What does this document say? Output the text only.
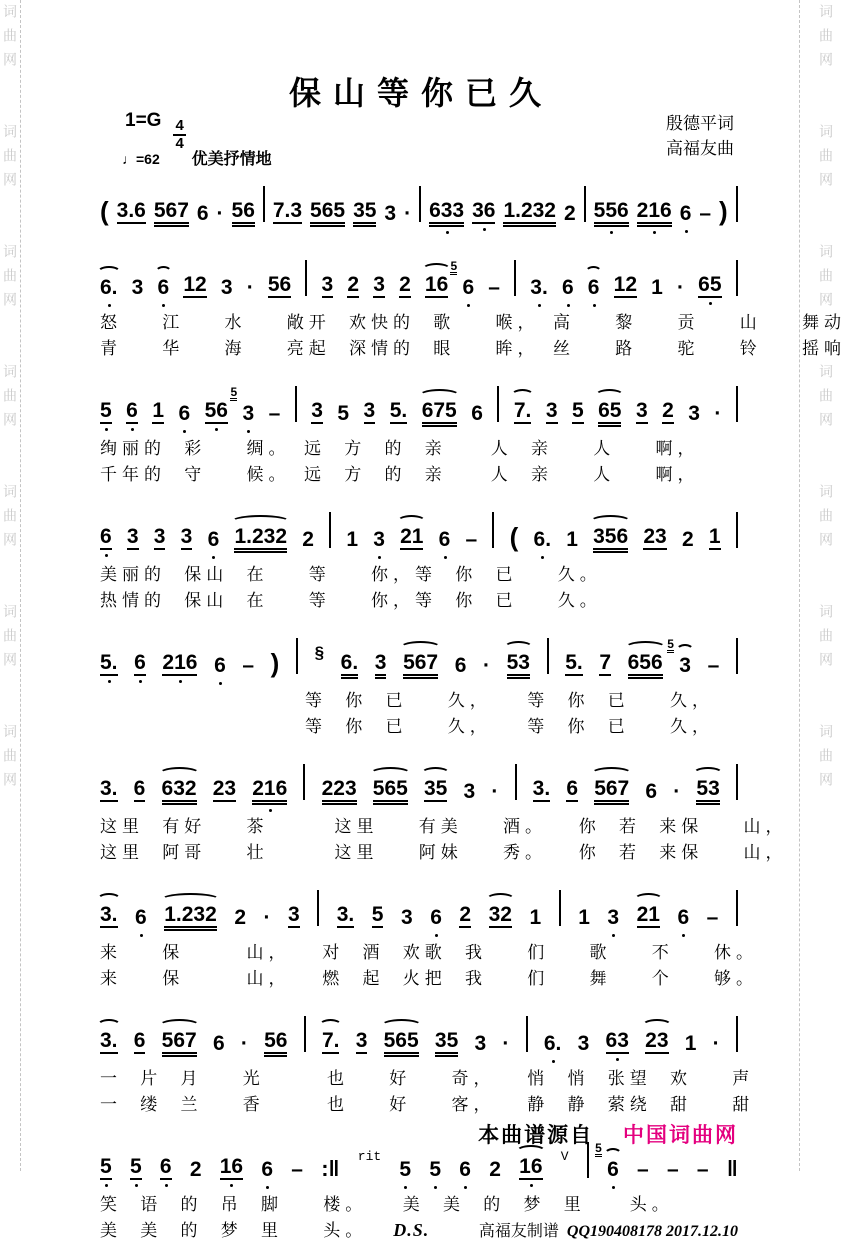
词曲网　　词曲网　　词曲网　　词曲网　　词曲网　　词曲网　　词曲网	词曲网　　词曲网　　词曲网　　词曲网　　词曲网　　词曲网　　词曲网
保山等你已久
$1=G \frac{4}{4}$
♩=62 优美抒情地
殷德平词
高福友曲
( 3.6 567 6 · 56 7.3 565 35 3 · 633 36 1.232 2 556 216 6 – )
6. 3 6 12 3 · 56 3 2 3 2 16 6
5
– 3. 6 6 12 1 · 65
怒　 江　 水　 敞开 欢快的 歌　 喉，　高　 黎　 贡　 山　 舞动
青　 华　 海　 亮起 深情的 眼　 眸，　丝　 路　 驼　 铃　 摇响
5 6 1 6 56 3
5
– 3 5 3 5. 675 6 7. 3 5 65 3 2 3 ·
绚丽的 彩　 绸。　远 方 的 亲　　人 亲　 人　 啊，
千年的 守　 候。　远 方 的 亲　　人 亲　 人　 啊，
6 3 3 3 6 1.232 2 1 3 21 6 – ( 6. 1 356 23 2 1
美丽的 保山 在　 等　 你，等 你 已　 久。
热情的 保山 在　 等　 你，等 你 已　 久。
5. 6 216 6 – ) § 6. 3 567 6 · 53 5. 7 656 3
5
–
等 你 已　 久，　　等 你 已　 久，
等 你 已　 久，　　等 你 已　 久，
3. 6 632 23 216 223 565 35 3 · 3. 6 567 6 · 53
这里 有好　 茶　　　这里　 有美　 酒。　 你 若 来保　 山，
这里 阿哥　 壮　　　这里　 阿妹　 秀。　 你 若 来保　 山，
3. 6 1.232 2 · 3 3. 5 3 6 2 32 1 1 3 21 6 –
来　 保　　 山，　 对 酒 欢歌 我　 们　 歌　 不　 休。
来　 保　　 山，　 燃 起 火把 我　 们　 舞　 个　 够。
3. 6 567 6 · 56 7. 3 565 35 3 · 6. 3 63 23 1 ·
一 片 月　 光　　 也　 好　 奇，　 悄 悄 张望 欢　 声
一 缕 兰　 香　　 也　 好　 客，　 静 静 萦绕 甜　 甜
5 5 6 2 16 6 – :‖ rit
5 5 6 2 16 V
6
5
– – – ‖
笑 语 的 吊 脚　 楼。　　美 美 的 梦 里　　头。
美 美 的 梦 里　 头。 D.S.	高福友制谱 QQ190408178 2017.12.10
本曲谱源自 中国词曲网
